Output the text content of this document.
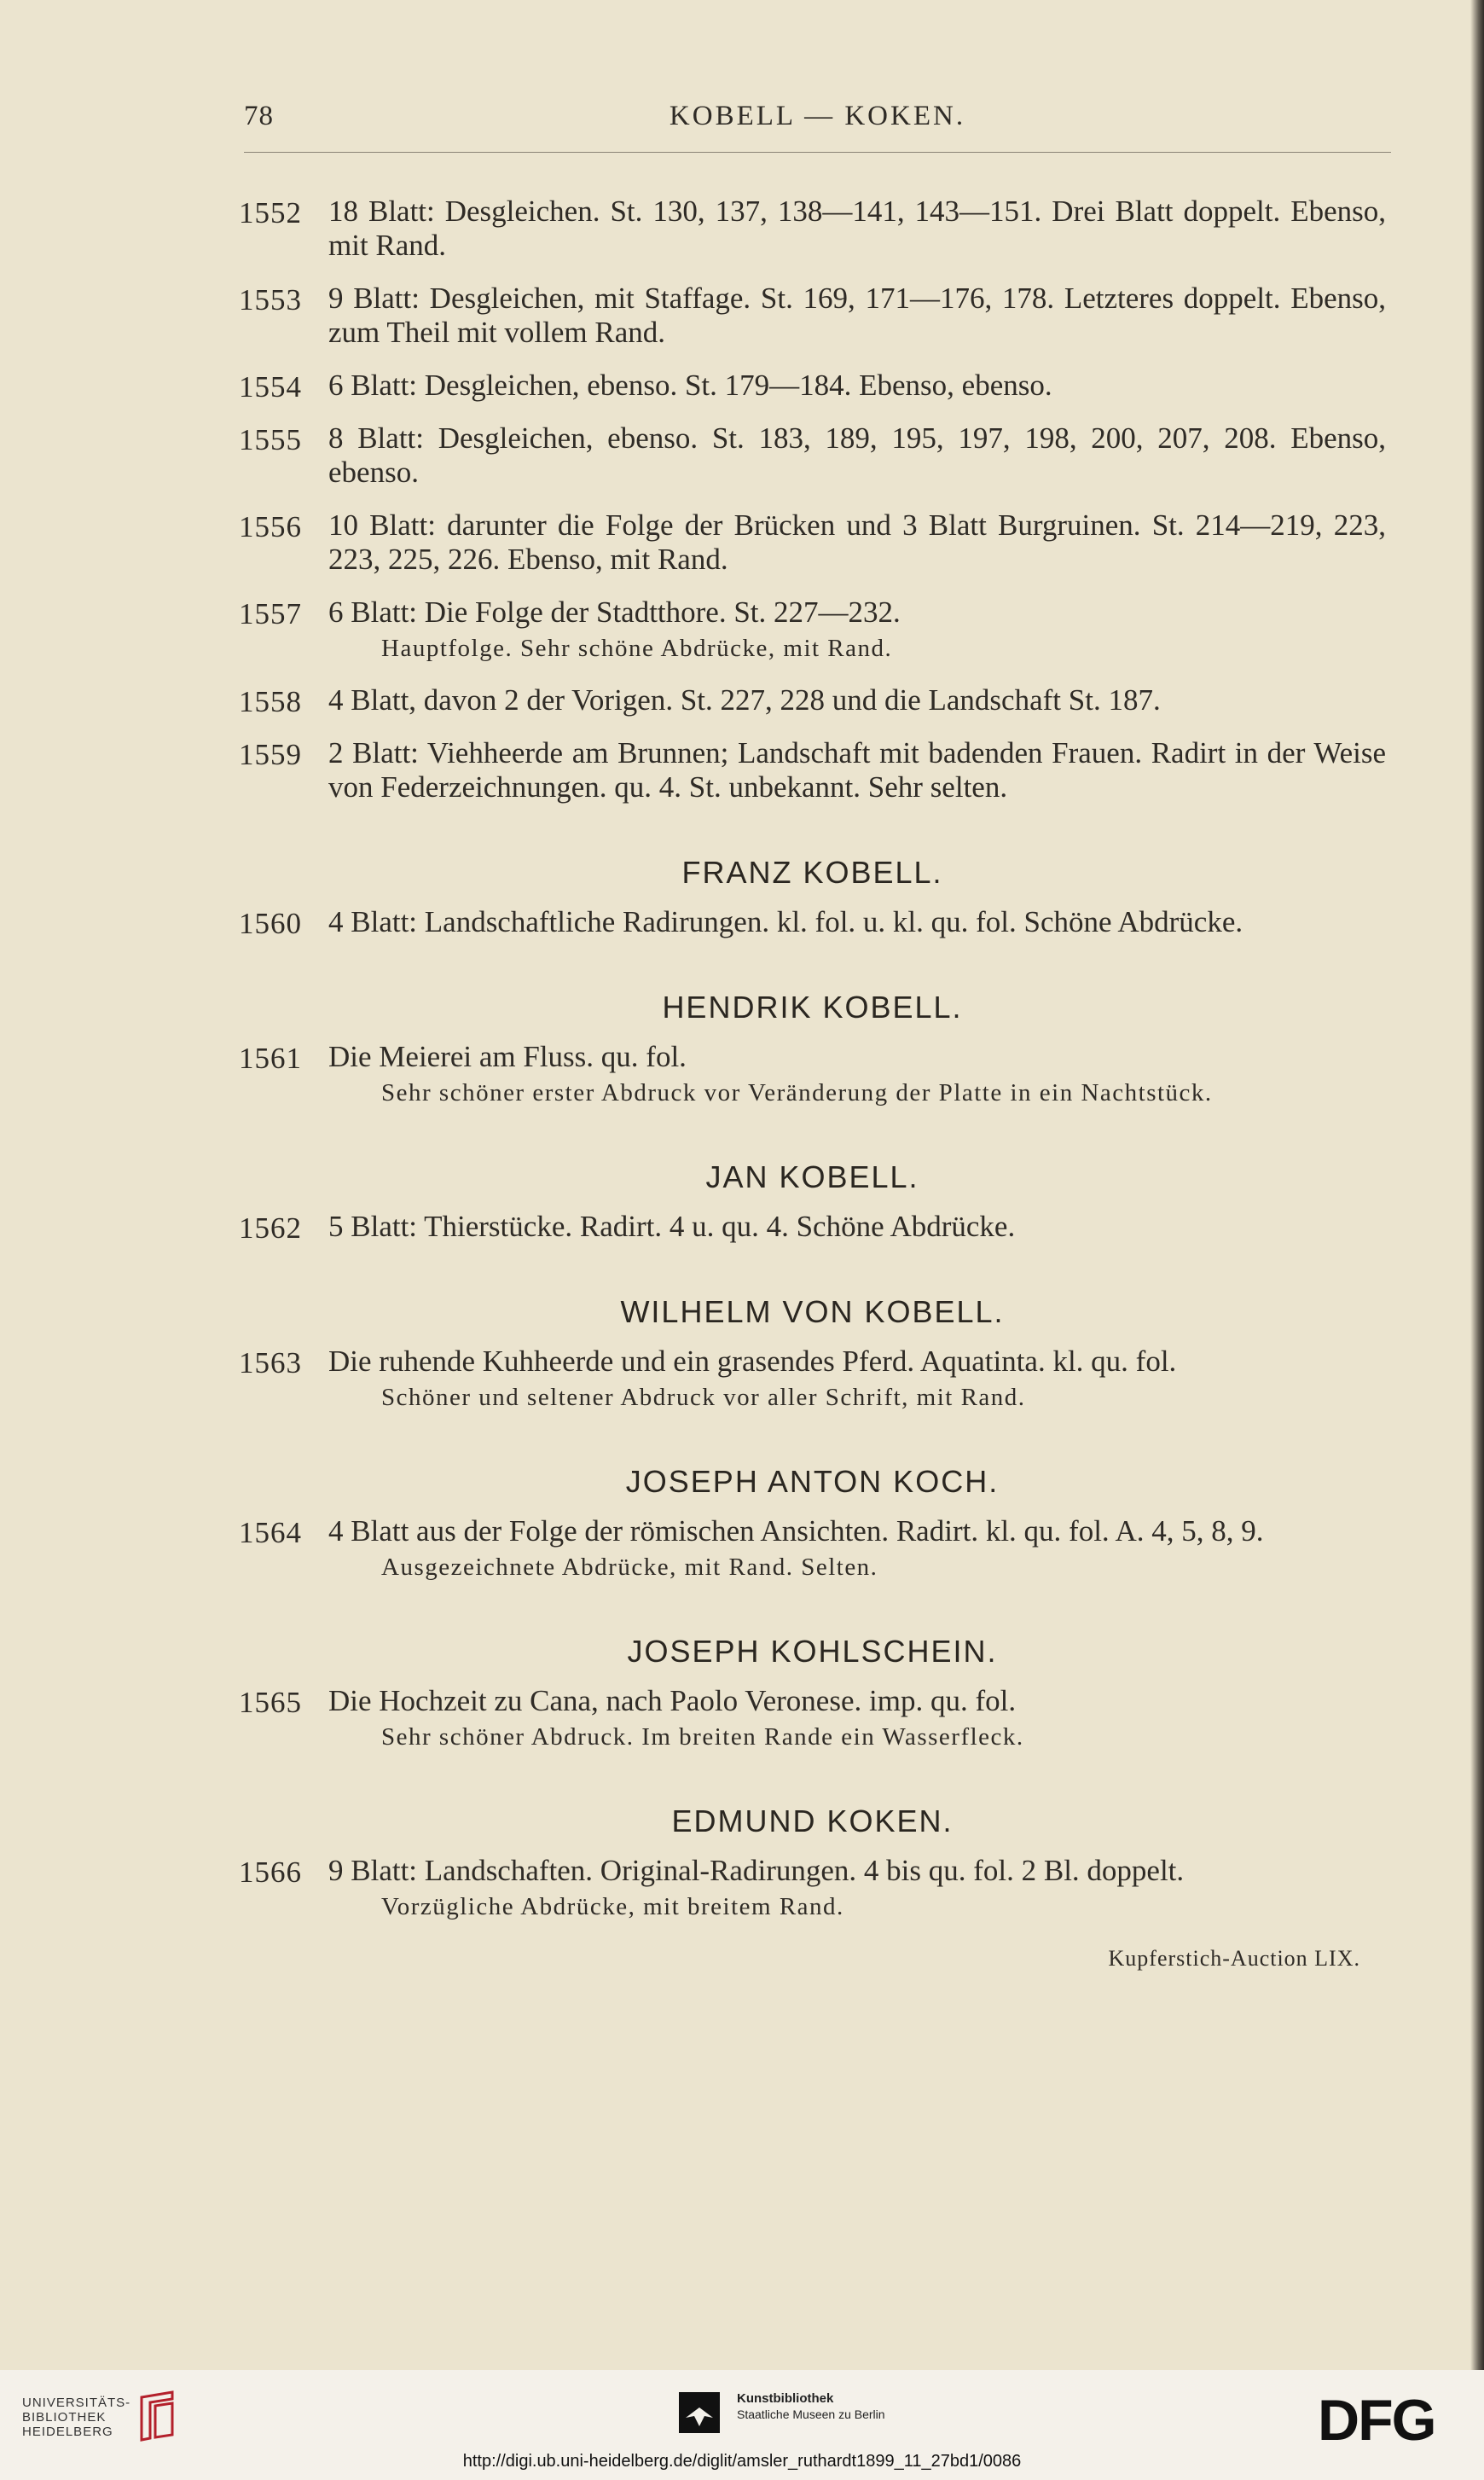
78	KOBELL — KOKEN.
1552 18 Blatt: Desgleichen. St. 130, 137, 138—141, 143—151. Drei Blatt doppelt. Ebenso, mit Rand.
1553 9 Blatt: Desgleichen, mit Staffage. St. 169, 171—176, 178. Letzteres doppelt. Ebenso, zum Theil mit vollem Rand.
1554 6 Blatt: Desgleichen, ebenso. St. 179—184. Ebenso, ebenso.
1555 8 Blatt: Desgleichen, ebenso. St. 183, 189, 195, 197, 198, 200, 207, 208. Ebenso, ebenso.
1556 10 Blatt: darunter die Folge der Brücken und 3 Blatt Burgruinen. St. 214—219, 223, 223, 225, 226. Ebenso, mit Rand.
1557 6 Blatt: Die Folge der Stadtthore. St. 227—232.
Hauptfolge. Sehr schöne Abdrücke, mit Rand.
1558 4 Blatt, davon 2 der Vorigen. St. 227, 228 und die Landschaft St. 187.
1559 2 Blatt: Viehheerde am Brunnen; Landschaft mit badenden Frauen. Radirt in der Weise von Federzeichnungen. qu. 4. St. unbekannt. Sehr selten.
FRANZ KOBELL.
1560 4 Blatt: Landschaftliche Radirungen. kl. fol. u. kl. qu. fol. Schöne Abdrücke.
HENDRIK KOBELL.
1561 Die Meierei am Fluss. qu. fol.
Sehr schöner erster Abdruck vor Veränderung der Platte in ein Nachtstück.
JAN KOBELL.
1562 5 Blatt: Thierstücke. Radirt. 4 u. qu. 4. Schöne Abdrücke.
WILHELM VON KOBELL.
1563 Die ruhende Kuhheerde und ein grasendes Pferd. Aquatinta. kl. qu. fol.
Schöner und seltener Abdruck vor aller Schrift, mit Rand.
JOSEPH ANTON KOCH.
1564 4 Blatt aus der Folge der römischen Ansichten. Radirt. kl. qu. fol. A. 4, 5, 8, 9.
Ausgezeichnete Abdrücke, mit Rand. Selten.
JOSEPH KOHLSCHEIN.
1565 Die Hochzeit zu Cana, nach Paolo Veronese. imp. qu. fol.
Sehr schöner Abdruck. Im breiten Rande ein Wasserfleck.
EDMUND KOKEN.
1566 9 Blatt: Landschaften. Original-Radirungen. 4 bis qu. fol. 2 Bl. doppelt.
Vorzügliche Abdrücke, mit breitem Rand.
Kupferstich-Auction LIX.
UNIVERSITÄTS-
BIBLIOTHEK
HEIDELBERG
Kunstbibliothek
Staatliche Museen zu Berlin	DFG
http://digi.ub.uni-heidelberg.de/diglit/amsler_ruthardt1899_11_27bd1/0086
